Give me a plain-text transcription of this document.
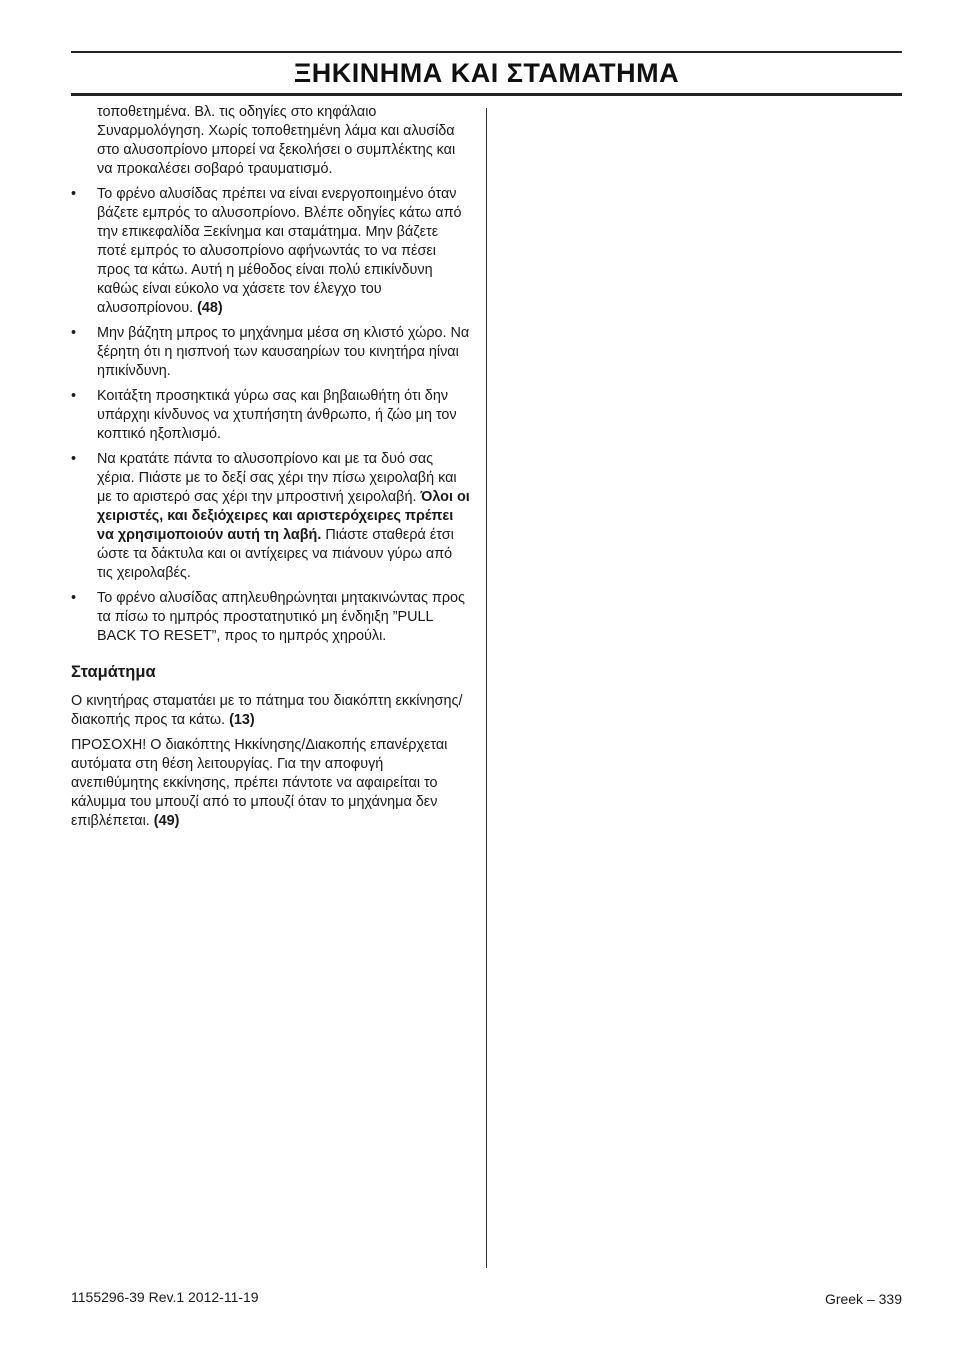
ΞΗΚΙΝΗΜΑ ΚΑΙ ΣΤΑΜΑΤΗΜΑ

τοποθετημένα. Βλ. τις οδηγίες στο κηφάλαιο Συναρμολόγηση. Χωρίς τοποθετημένη λάμα και αλυσίδα στο αλυσοπρίονο μπορεί να ξεκολήσει ο συμπλέκτης και να προκαλέσει σοβαρό τραυματισμό.

•	Το φρένο αλυσίδας πρέπει να είναι ενεργοποιημένο όταν βάζετε εμπρός το αλυσοπρίονο. Βλέπε οδηγίες κάτω από την επικεφαλίδα Ξεκίνημα και σταμάτημα. Μην βάζετε ποτέ εμπρός το αλυσοπρίονο αφήνωντάς το να πέσει προς τα κάτω. Αυτή η μέθοδος είναι πολύ επικίνδυνη καθώς είναι εύκολο να χάσετε τον έλεγχο του αλυσοπρίονου. (48)

•	Μην βάζητη μπρος το μηχάνημα μέσα ση κλιστό χώρο. Να ξέρητη ότι η ηισπνοή των καυσαηρίων του κινητήρα ηίναι ηπικίνδυνη.

•	Κοιτάξτη προσηκτικά γύρω σας και βηβαιωθήτη ότι δην υπάρχηι κίνδυνος να χτυπήσητη άνθρωπο, ή ζώο μη τον κοπτικό ηξοπλισμό.

•	Να κρατάτε πάντα το αλυσοπρίονο και με τα δυό σας χέρια. Πιάστε με το δεξί σας χέρι την πίσω χειρολαβή και με το αριστερό σας χέρι την μπροστινή χειρολαβή. Όλοι οι χειριστές, και δεξιόχειρες και αριστερόχειρες πρέπει να χρησιμοποιούν αυτή τη λαβή. Πιάστε σταθερά έτσι ώστε τα δάκτυλα και οι αντίχειρες να πιάνουν γύρω από τις χειρολαβές.

•	Το φρένο αλυσίδας απηλευθηρώνηται μητακινώντας προς τα πίσω το ημπρός προστατηυτικό μη ένδηιξη ”PULL BACK TO RESET”, προς το ημπρός χηρούλι.

Σταμάτημα

Ο κινητήρας σταματάει με το πάτημα του διακόπτη εκκίνησης/διακοπής προς τα κάτω. (13)

ΠΡΟΣΟΧΗ! Ο διακόπτης Ηκκίνησης/Διακοπής επανέρχεται αυτόματα στη θέση λειτουργίας. Για την αποφυγή ανεπιθύμητης εκκίνησης, πρέπει πάντοτε να αφαιρείται το κάλυμμα του μπουζί από το μπουζί όταν το μηχάνημα δεν επιβλέπεται. (49)

1155296-39 Rev.1 2012-11-19	Greek – 339
